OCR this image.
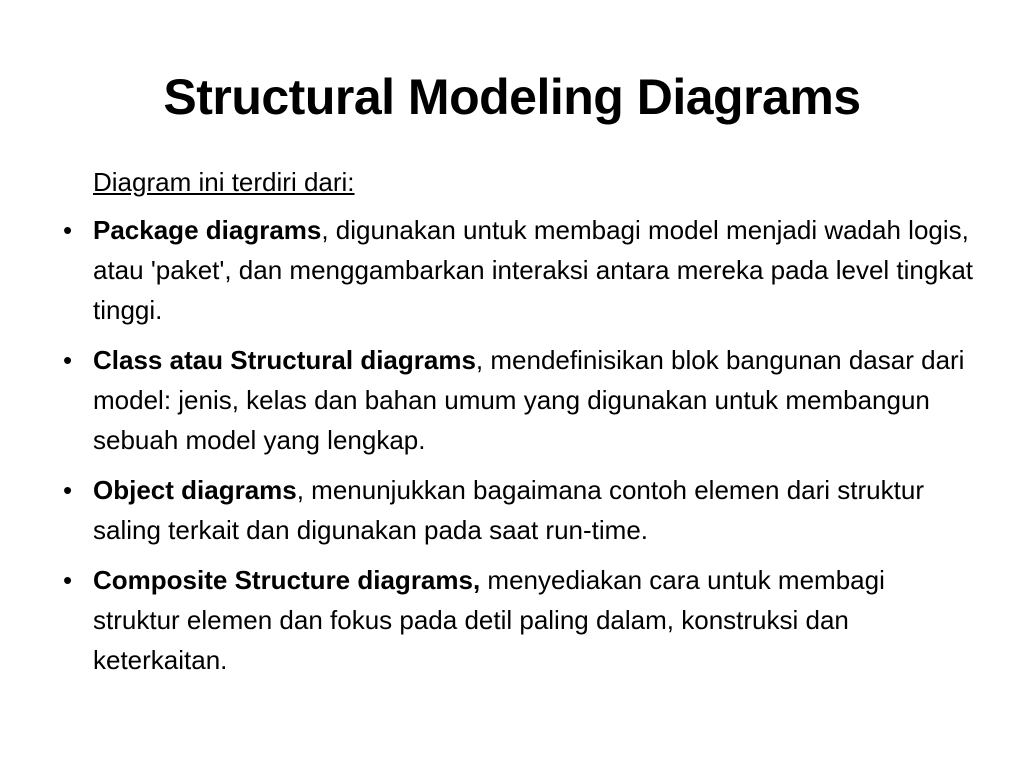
Structural Modeling Diagrams

Diagram ini terdiri dari:

• Package diagrams, digunakan untuk membagi model menjadi wadah logis, atau 'paket', dan menggambarkan interaksi antara mereka pada level tingkat tinggi.
• Class atau Structural diagrams, mendefinisikan blok bangunan dasar dari model: jenis, kelas dan bahan umum yang digunakan untuk membangun sebuah model yang lengkap.
• Object diagrams, menunjukkan bagaimana contoh elemen dari struktur saling terkait dan digunakan pada saat run-time.
• Composite Structure diagrams, menyediakan cara untuk membagi struktur elemen dan fokus pada detil paling dalam, konstruksi dan keterkaitan.
